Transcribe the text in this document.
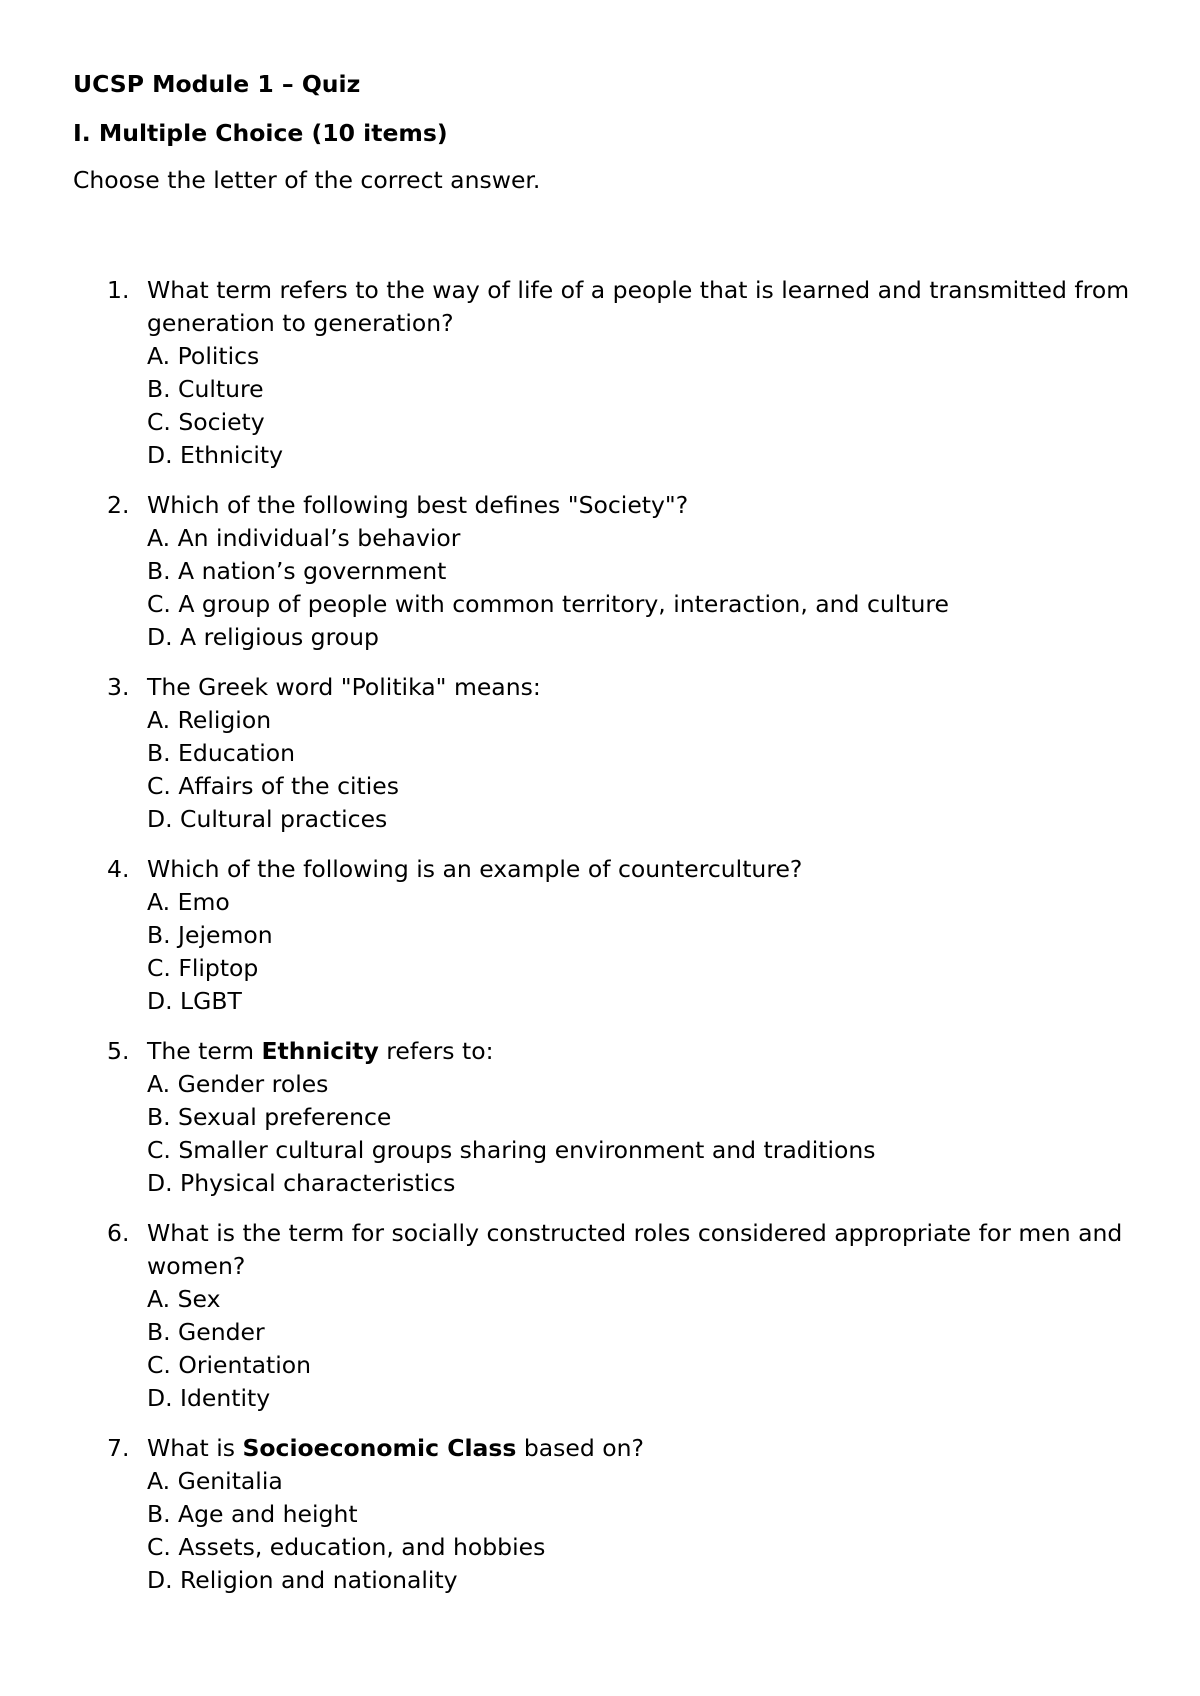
UCSP Module 1 – Quiz
I. Multiple Choice (10 items)
Choose the letter of the correct answer.
1. What term refers to the way of life of a people that is learned and transmitted from generation to generation?
A. Politics
B. Culture
C. Society
D. Ethnicity
2. Which of the following best defines "Society"?
A. An individual’s behavior
B. A nation’s government
C. A group of people with common territory, interaction, and culture
D. A religious group
3. The Greek word "Politika" means:
A. Religion
B. Education
C. Affairs of the cities
D. Cultural practices
4. Which of the following is an example of counterculture?
A. Emo
B. Jejemon
C. Fliptop
D. LGBT
5. The term Ethnicity refers to:
A. Gender roles
B. Sexual preference
C. Smaller cultural groups sharing environment and traditions
D. Physical characteristics
6. What is the term for socially constructed roles considered appropriate for men and women?
A. Sex
B. Gender
C. Orientation
D. Identity
7. What is Socioeconomic Class based on?
A. Genitalia
B. Age and height
C. Assets, education, and hobbies
D. Religion and nationality
